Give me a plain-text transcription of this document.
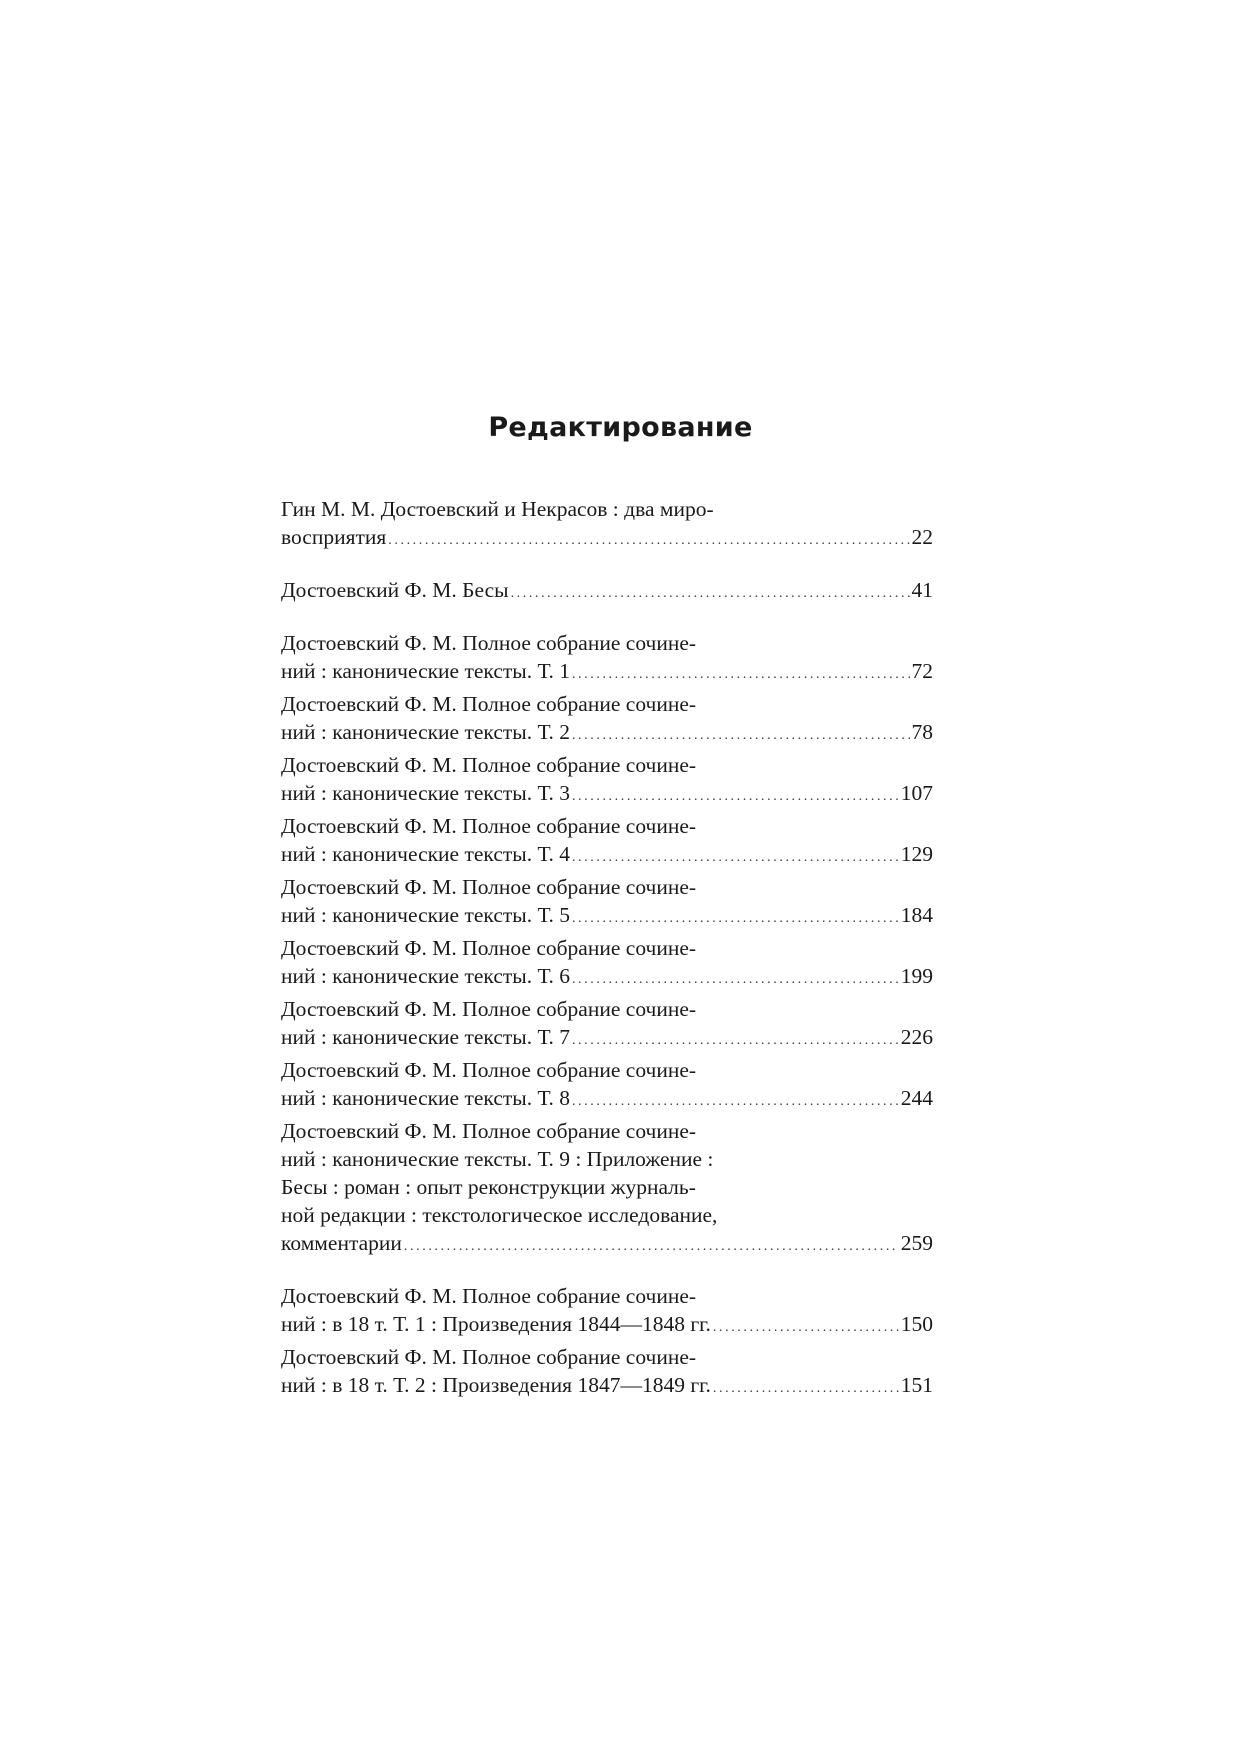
Редактирование

Гин М. М. Достоевский и Некрасов : два миро-
восприятия .....	22

Достоевский Ф. М. Бесы .....	41

Достоевский Ф. М. Полное собрание сочине-
ний : канонические тексты. Т. 1 .....	72

Достоевский Ф. М. Полное собрание сочине-
ний : канонические тексты. Т. 2 .....	78

Достоевский Ф. М. Полное собрание сочине-
ний : канонические тексты. Т. 3 .....	107

Достоевский Ф. М. Полное собрание сочине-
ний : канонические тексты. Т. 4 .....	129

Достоевский Ф. М. Полное собрание сочине-
ний : канонические тексты. Т. 5 .....	184

Достоевский Ф. М. Полное собрание сочине-
ний : канонические тексты. Т. 6 .....	199

Достоевский Ф. М. Полное собрание сочине-
ний : канонические тексты. Т. 7 .....	226

Достоевский Ф. М. Полное собрание сочине-
ний : канонические тексты. Т. 8 .....	244

Достоевский Ф. М. Полное собрание сочине-
ний : канонические тексты. Т. 9 : Приложение :
Бесы : роман : опыт реконструкции журналь-
ной редакции : текстологическое исследование,
комментарии .....	259

Достоевский Ф. М. Полное собрание сочине-
ний : в 18 т. Т. 1 : Произведения 1844—1848 гг. .....	150

Достоевский Ф. М. Полное собрание сочине-
ний : в 18 т. Т. 2 : Произведения 1847—1849 гг. .....	151
